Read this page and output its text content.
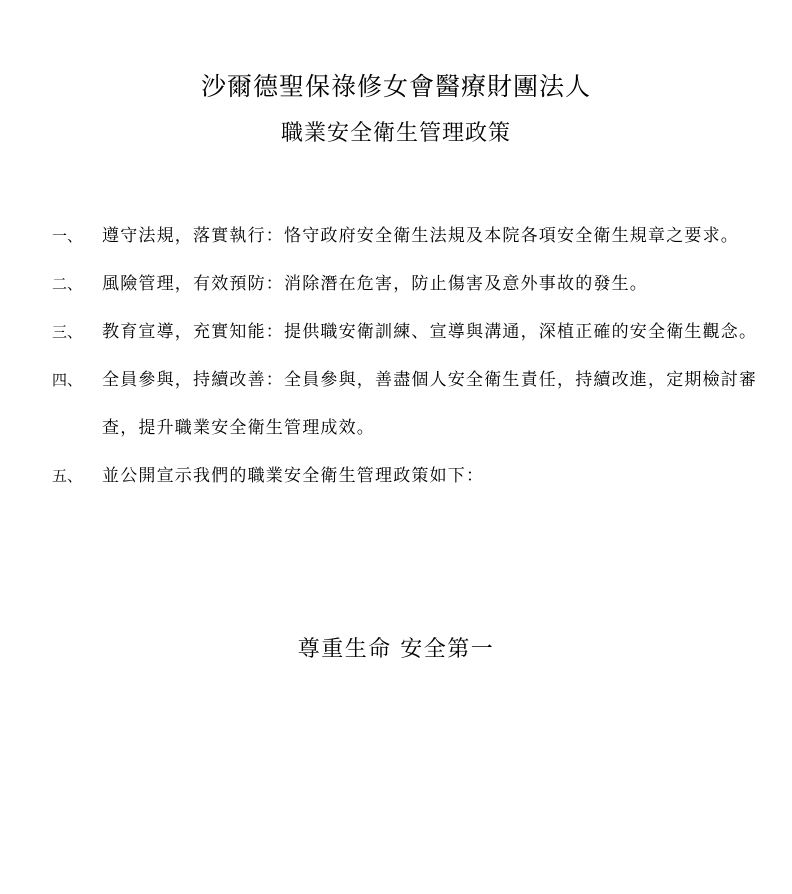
沙爾德聖保祿修女會醫療財團法人
職業安全衛生管理政策
一、	遵守法規，落實執行：恪守政府安全衛生法規及本院各項安全衛生規章之要求。
二、	風險管理，有效預防：消除潛在危害，防止傷害及意外事故的發生。
三、	教育宣導，充實知能：提供職安衛訓練、宣導與溝通，深植正確的安全衛生觀念。
四、	全員參與，持續改善：全員參與，善盡個人安全衛生責任，持續改進，定期檢討審查，提升職業安全衛生管理成效。
五、	並公開宣示我們的職業安全衛生管理政策如下：
尊重生命 安全第一
